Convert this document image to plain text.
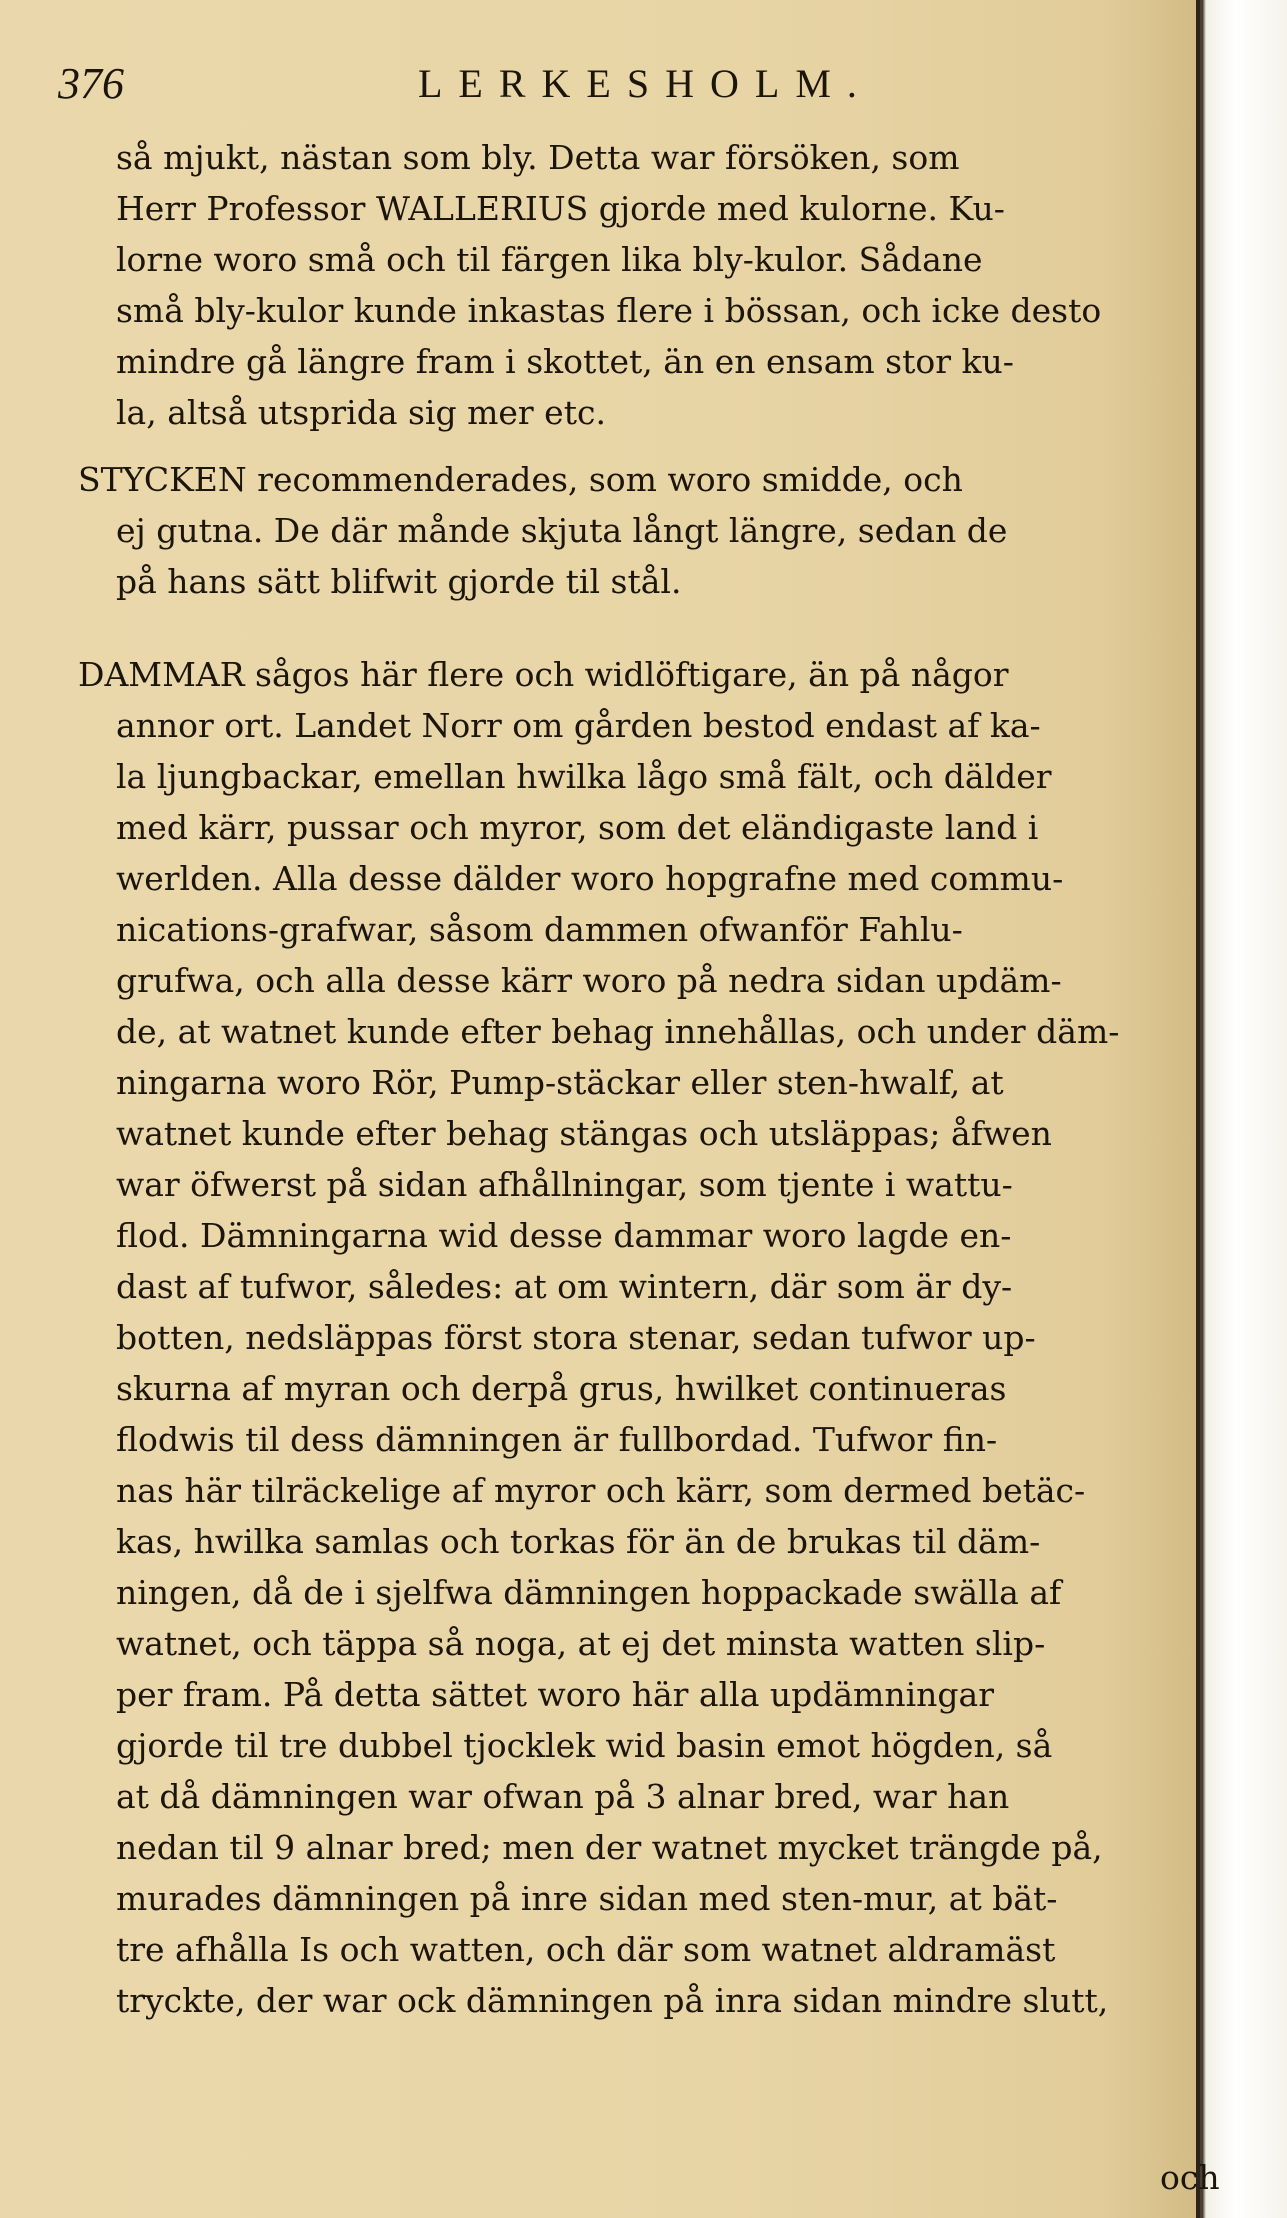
376	LERKESHOLM.
så mjukt, nästan som bly. Detta war försöken, som
Herr Professor WALLERIUS gjorde med kulorne. Ku-
lorne woro små och til färgen lika bly-kulor. Sådane
små bly-kulor kunde inkastas flere i bössan, och icke desto
mindre gå längre fram i skottet, än en ensam stor ku-
la, altså utsprida sig mer etc.
STYCKEN recommenderades, som woro smidde, och
ej gutna. De där månde skjuta långt längre, sedan de
på hans sätt blifwit gjorde til stål.
DAMMAR sågos här flere och widlöftigare, än på någor
annor ort. Landet Norr om gården bestod endast af ka-
la ljungbackar, emellan hwilka lågo små fält, och dälder
med kärr, pussar och myror, som det eländigaste land i
werlden. Alla desse dälder woro hopgrafne med commu-
nications-grafwar, såsom dammen ofwanför Fahlu-
grufwa, och alla desse kärr woro på nedra sidan updäm-
de, at watnet kunde efter behag innehållas, och under däm-
ningarna woro Rör, Pump-stäckar eller sten-hwalf, at
watnet kunde efter behag stängas och utsläppas; åfwen
war öfwerst på sidan afhållningar, som tjente i wattu-
flod. Dämningarna wid desse dammar woro lagde en-
dast af tufwor, således: at om wintern, där som är dy-
botten, nedsläppas först stora stenar, sedan tufwor up-
skurna af myran och derpå grus, hwilket continueras
flodwis til dess dämningen är fullbordad. Tufwor fin-
nas här tilräckelige af myror och kärr, som dermed betäc-
kas, hwilka samlas och torkas för än de brukas til däm-
ningen, då de i sjelfwa dämningen hoppackade swälla af
watnet, och täppa så noga, at ej det minsta watten slip-
per fram. På detta sättet woro här alla updämningar
gjorde til tre dubbel tjocklek wid basin emot högden, så
at då dämningen war ofwan på 3 alnar bred, war han
nedan til 9 alnar bred; men der watnet mycket trängde på,
murades dämningen på inre sidan med sten-mur, at bät-
tre afhålla Is och watten, och där som watnet aldramäst
tryckte, der war ock dämningen på inra sidan mindre slutt,
och
